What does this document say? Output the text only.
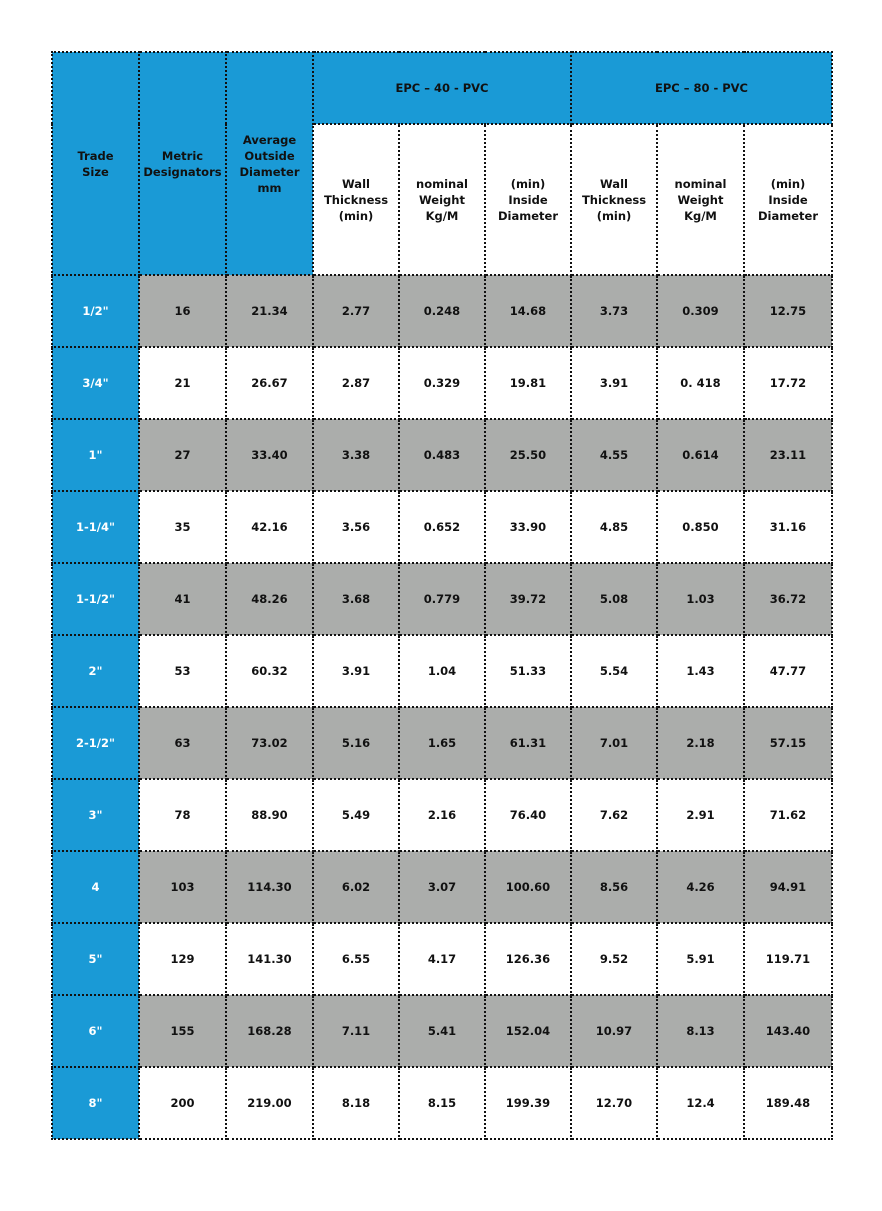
Trade
Size	Metric
Designators	Average
Outside
Diameter
mm	EPC – 40 - PVC			EPC – 80 - PVC		
			Wall
Thickness
(min)	nominal
Weight
Kg/M	(min)
Inside
Diameter	Wall
Thickness
(min)	nominal
Weight
Kg/M	(min)
Inside
Diameter
1/2"	16	21.34	2.77	0.248	14.68	3.73	0.309	12.75
3/4"	21	26.67	2.87	0.329	19.81	3.91	0. 418	17.72
1"	27	33.40	3.38	0.483	25.50	4.55	0.614	23.11
1-1/4"	35	42.16	3.56	0.652	33.90	4.85	0.850	31.16
1-1/2"	41	48.26	3.68	0.779	39.72	5.08	1.03	36.72
2"	53	60.32	3.91	1.04	51.33	5.54	1.43	47.77
2-1/2"	63	73.02	5.16	1.65	61.31	7.01	2.18	57.15
3"	78	88.90	5.49	2.16	76.40	7.62	2.91	71.62
4	103	114.30	6.02	3.07	100.60	8.56	4.26	94.91
5"	129	141.30	6.55	4.17	126.36	9.52	5.91	119.71
6"	155	168.28	7.11	5.41	152.04	10.97	8.13	143.40
8"	200	219.00	8.18	8.15	199.39	12.70	12.4	189.48
